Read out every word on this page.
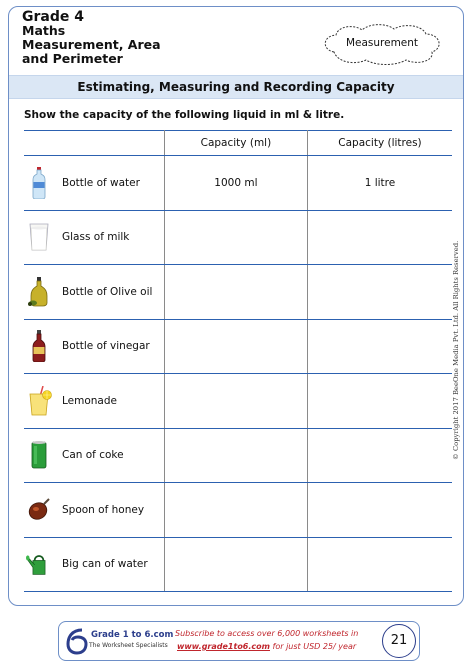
Grade 4
Maths
Measurement, Area
and Perimeter
Measurement
Estimating, Measuring and Recording Capacity
Show the capacity of the following liquid in ml & litre.
	Capacity (ml)	Capacity (litres)

Bottle of water	1000 ml	1 litre

Glass of milk		

Bottle of Olive oil		

Bottle of vinegar		

Lemonade		

Can of coke		

Spoon of honey		

Big can of water		

© Copyright 2017 BeeOne Media Pvt. Ltd. All Rights Reserved.
Grade 1 to 6.com
The Worksheet Specialists
Subscribe to access over 6,000 worksheets in
www.grade1to6.com for just USD 25/ year	21
